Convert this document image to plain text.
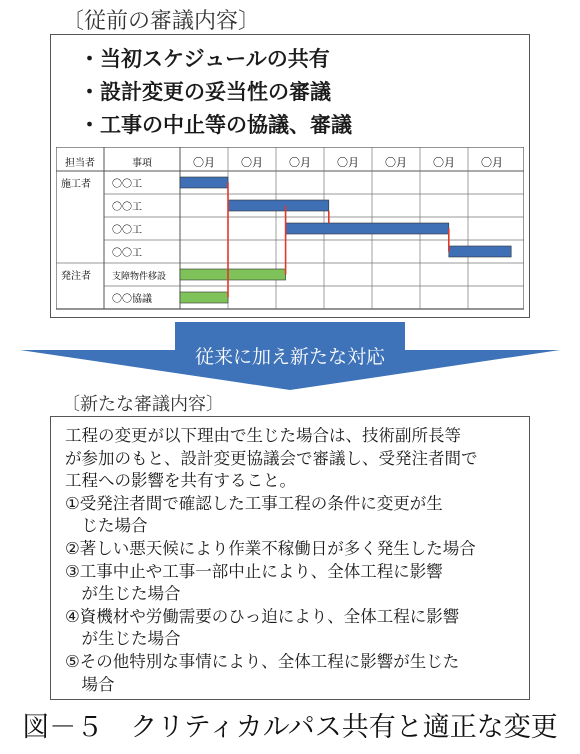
〔従前の審議内容〕
・当初スケジュールの共有
・設計変更の妥当性の審議
・工事の中止等の協議、審議
担当者	事項	〇月 〇月 〇月 〇月 〇月 〇月 〇月
施工者 〇〇工
〇〇工
〇〇工
〇〇工
発注者 支障物件移設
〇〇協議
従来に加え新たな対応
〔新たな審議内容〕
工程の変更が以下理由で生じた場合は、技術副所長等
が参加のもと、設計変更協議会で審議し、受発注者間で
工程への影響を共有すること。
①受発注者間で確認した工事工程の条件に変更が生
　じた場合
②著しい悪天候により作業不稼働日が多く発生した場合
③工事中止や工事一部中止により、全体工程に影響
　が生じた場合
④資機材や労働需要のひっ迫により、全体工程に影響
　が生じた場合
⑤その他特別な事情により、全体工程に影響が生じた
　場合
図－５　クリティカルパス共有と適正な変更
